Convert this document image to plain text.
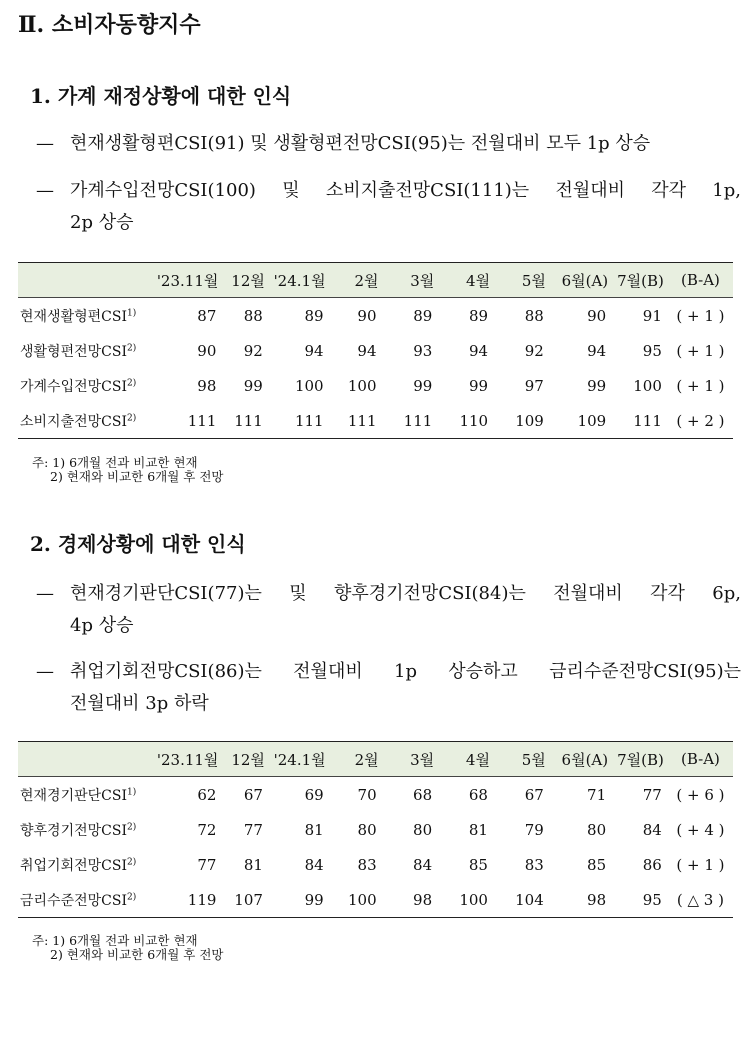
Ⅱ. 소비자동향지수
1. 가계 재정상황에 대한 인식
— 현재생활형편CSI(91) 및 생활형편전망CSI(95)는 전월대비 모두 1p 상승
— 가계수입전망CSI(100) 및 소비지출전망CSI(111)는 전월대비 각각 1p,
2p 상승
	'23.11월	12월	'24.1월	2월	3월	4월	5월	6월(A)	7월(B)	(B-A)
현재생활형편CSI$^{1)}$	87	88	89	90	89	89	88	90	91	( + 1 )
생활형편전망CSI$^{2)}$	90	92	94	94	93	94	92	94	95	( + 1 )
가계수입전망CSI$^{2)}$	98	99	100	100	99	99	97	99	100	( + 1 )
소비지출전망CSI$^{2)}$	111	111	111	111	111	110	109	109	111	( + 2 )
주: 1) 6개월 전과 비교한 현재
2) 현재와 비교한 6개월 후 전망
2. 경제상황에 대한 인식
— 현재경기판단CSI(77)는 및 향후경기전망CSI(84)는 전월대비 각각 6p,
4p 상승
— 취업기회전망CSI(86)는 전월대비 1p 상승하고 금리수준전망CSI(95)는
전월대비 3p 하락
	'23.11월	12월	'24.1월	2월	3월	4월	5월	6월(A)	7월(B)	(B-A)
현재경기판단CSI$^{1)}$	62	67	69	70	68	68	67	71	77	( + 6 )
향후경기전망CSI$^{2)}$	72	77	81	80	80	81	79	80	84	( + 4 )
취업기회전망CSI$^{2)}$	77	81	84	83	84	85	83	85	86	( + 1 )
금리수준전망CSI$^{2)}$	119	107	99	100	98	100	104	98	95	( △ 3 )
주: 1) 6개월 전과 비교한 현재
2) 현재와 비교한 6개월 후 전망
